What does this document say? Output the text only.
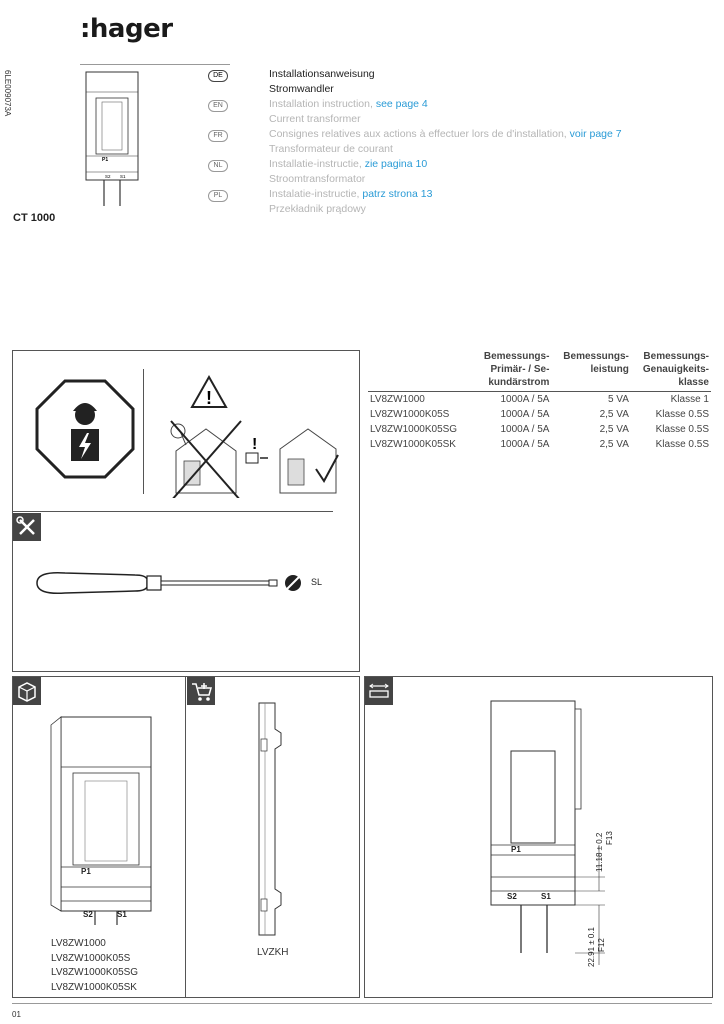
:hager
6LE009073A
P1
S2 S1
CT 1000
DE	Installationsanweisung
Stromwandler
EN	Installation instruction, see page 4
Current transformer
FR	Consignes relatives aux actions à effectuer lors de d'installation, voir page 7
Transformateur de courant
NL	Installatie-instructie, zie pagina 10
Stroomtransformator
PL	Instalatie-instructie, patrz strona 13
Przekładnik prądowy
!
!
SL
	Bemessungs-
Primär- / Se-
kundärstrom	Bemessungs-
leistung	Bemessungs-
Genauigkeits-
klasse
LV8ZW1000	1000A / 5A	5 VA	Klasse 1
LV8ZW1000K05S	1000A / 5A	2,5 VA	Klasse 0.5S
LV8ZW1000K05SG	1000A / 5A	2,5 VA	Klasse 0.5S
LV8ZW1000K05SK	1000A / 5A	2,5 VA	Klasse 0.5S
P1
S2	S1
LV8ZW1000
LV8ZW1000K05S
LV8ZW1000K05SG
LV8ZW1000K05SK
LVZKH
P1
S2	S1
11.18 ± 0.2 F13
22.91 ± 0.1 F12
01
